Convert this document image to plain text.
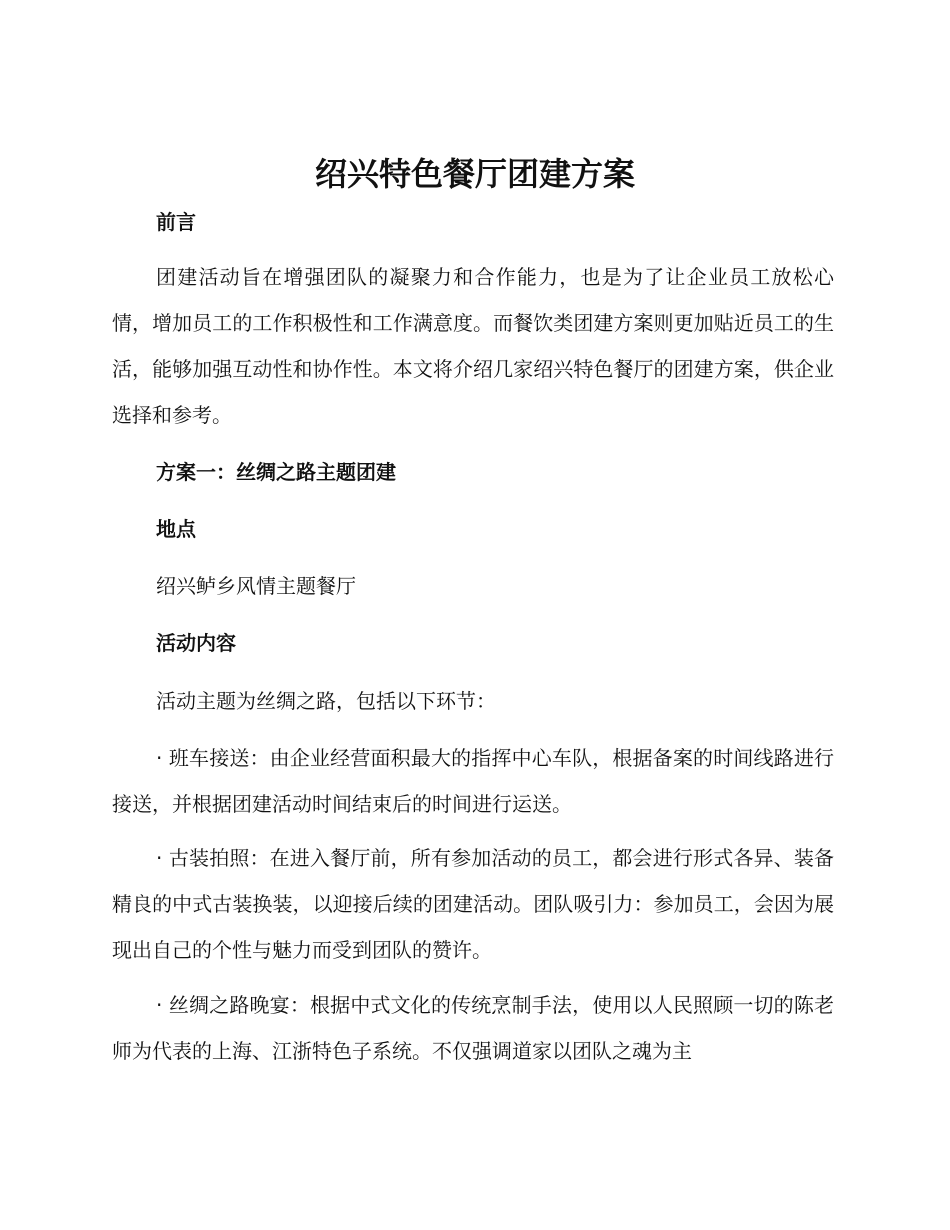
绍兴特色餐厅团建方案

前言

团建活动旨在增强团队的凝聚力和合作能力，也是为了让企业员工放松心情，增加员工的工作积极性和工作满意度。而餐饮类团建方案则更加贴近员工的生活，能够加强互动性和协作性。本文将介绍几家绍兴特色餐厅的团建方案，供企业选择和参考。

方案一：丝绸之路主题团建

地点

绍兴鲈乡风情主题餐厅

活动内容

活动主题为丝绸之路，包括以下环节：

· 班车接送：由企业经营面积最大的指挥中心车队，根据备案的时间线路进行接送，并根据团建活动时间结束后的时间进行运送。

· 古装拍照：在进入餐厅前，所有参加活动的员工，都会进行形式各异、装备精良的中式古装换装，以迎接后续的团建活动。团队吸引力：参加员工，会因为展现出自己的个性与魅力而受到团队的赞许。

· 丝绸之路晚宴：根据中式文化的传统烹制手法，使用以人民照顾一切的陈老师为代表的上海、江浙特色子系统。不仅强调道家以团队之魂为主
